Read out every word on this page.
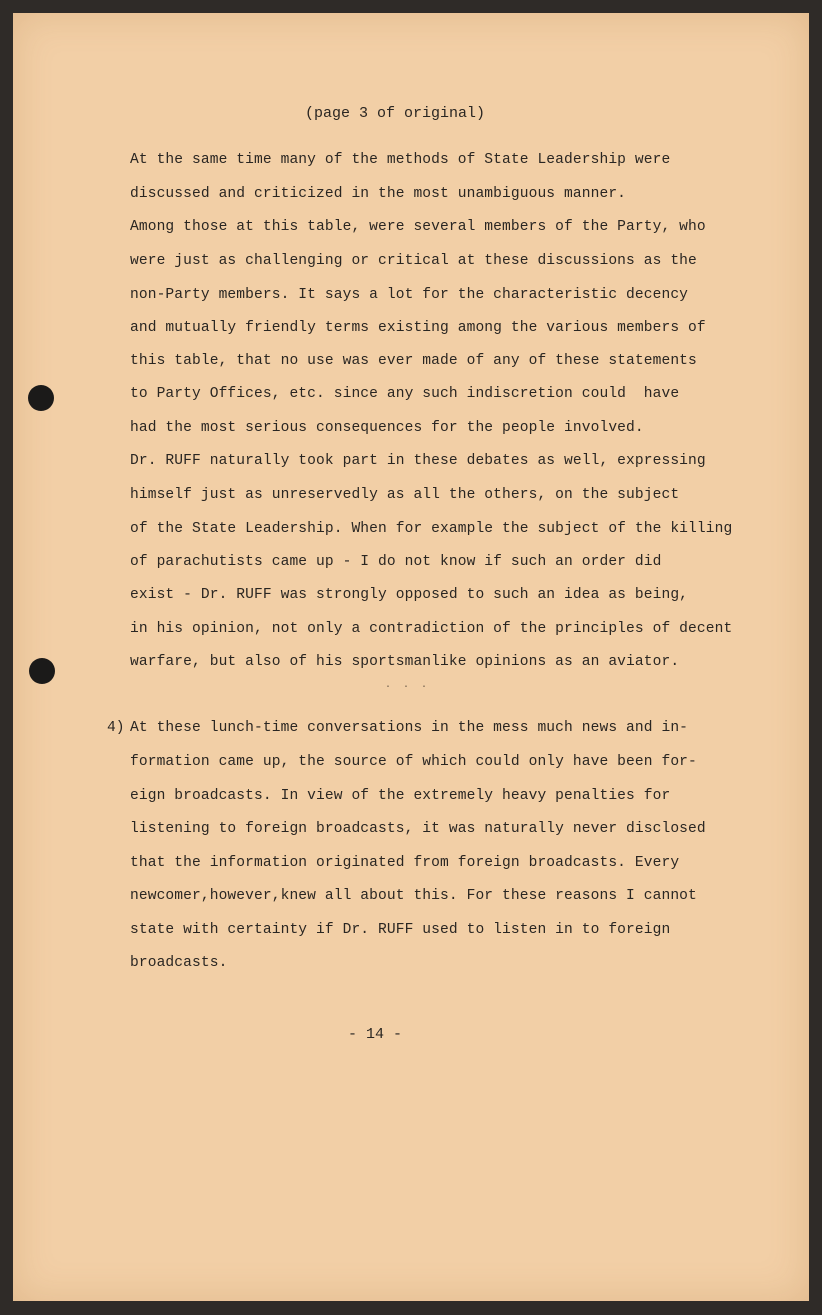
(page 3 of original)
At the same time many of the methods of State Leadership were
discussed and criticized in the most unambiguous manner.
Among those at this table, were several members of the Party, who
were just as challenging or critical at these discussions as the
non-Party members. It says a lot for the characteristic decency
and mutually friendly terms existing among the various members of
this table, that no use was ever made of any of these statements
to Party Offices, etc. since any such indiscretion could  have
had the most serious consequences for the people involved.
Dr. RUFF naturally took part in these debates as well, expressing
himself just as unreservedly as all the others, on the subject
of the State Leadership. When for example the subject of the killing
of parachutists came up - I do not know if such an order did
exist - Dr. RUFF was strongly opposed to such an idea as being,
in his opinion, not only a contradiction of the principles of decent
warfare, but also of his sportsmanlike opinions as an aviator.
. . .
4) At these lunch-time conversations in the mess much news and in-
formation came up, the source of which could only have been for-
eign broadcasts. In view of the extremely heavy penalties for
listening to foreign broadcasts, it was naturally never disclosed
that the information originated from foreign broadcasts. Every
newcomer,however,knew all about this. For these reasons I cannot
state with certainty if Dr. RUFF used to listen in to foreign
broadcasts.
- 14 -
